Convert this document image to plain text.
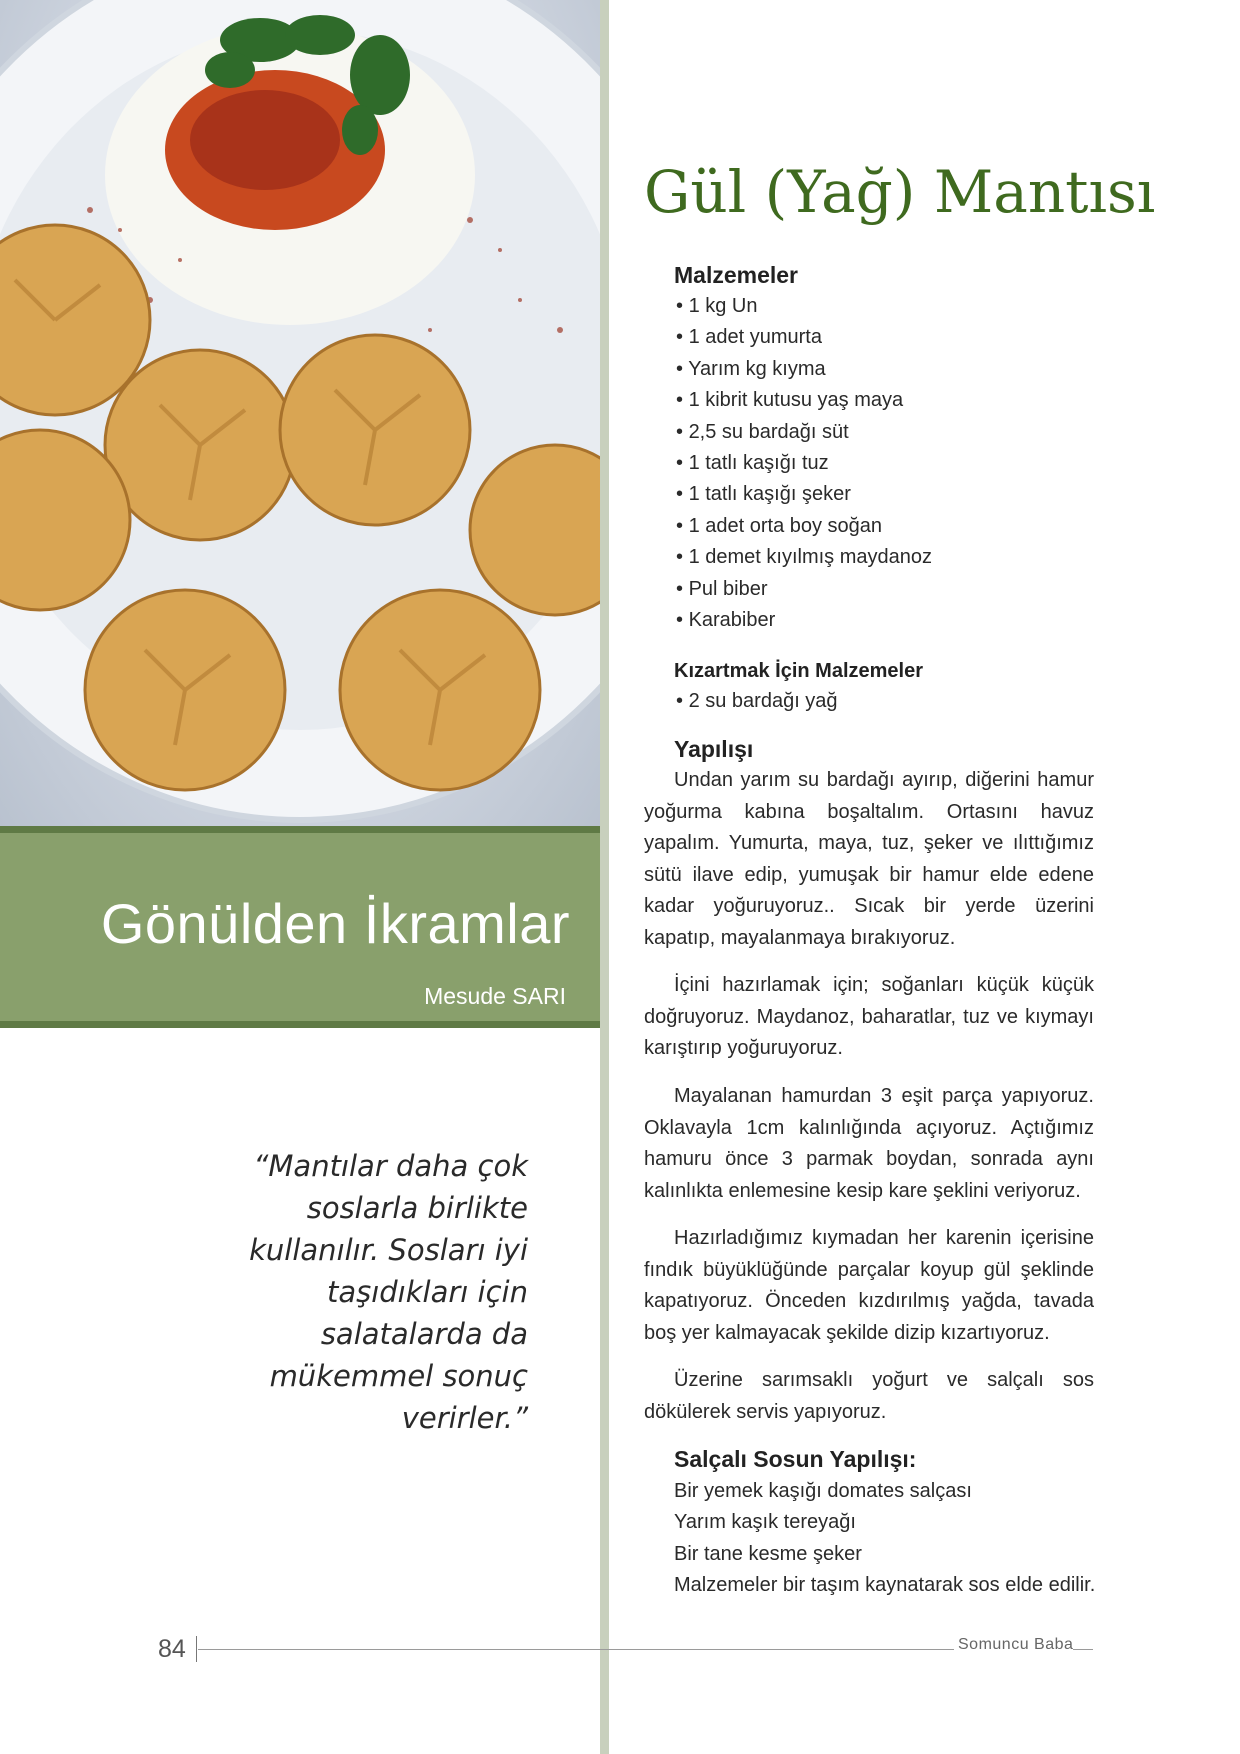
Gönülden İkramlar
Mesude SARI
“Mantılar daha çok soslarla birlikte kullanılır. Sosları iyi taşıdıkları için salatalarda da mükemmel sonuç verirler.”
Gül (Yağ) Mantısı
Malzemeler
• 1 kg Un
• 1 adet yumurta
• Yarım kg kıyma
• 1 kibrit kutusu yaş maya
• 2,5 su bardağı süt
• 1 tatlı kaşığı tuz
• 1 tatlı kaşığı şeker
• 1 adet orta boy soğan
• 1 demet kıyılmış maydanoz
• Pul biber
• Karabiber
Kızartmak İçin Malzemeler
• 2 su bardağı yağ
Yapılışı

Undan yarım su bardağı ayırıp, diğerini hamur yoğurma kabına boşaltalım. Ortasını havuz yapalım. Yumurta, maya, tuz, şeker ve ılıttığımız sütü ilave edip, yumuşak bir hamur elde edene kadar yoğuruyoruz.. Sıcak bir yerde üzerini kapatıp, mayalanmaya bırakıyoruz.

İçini hazırlamak için; soğanları küçük küçük doğruyoruz. Maydanoz, baharatlar, tuz ve kıymayı karıştırıp yoğuruyoruz.

Mayalanan hamurdan 3 eşit parça yapıyoruz. Oklavayla 1cm kalınlığında açıyoruz. Açtığımız hamuru önce 3 parmak boydan, sonrada aynı kalınlıkta enlemesine kesip kare şeklini veriyoruz.

Hazırladığımız kıymadan her karenin içerisine fındık büyüklüğünde parçalar koyup gül şeklinde kapatıyoruz. Önceden kızdırılmış yağda, tavada boş yer kalmayacak şekilde dizip kızartıyoruz.

Üzerine sarımsaklı yoğurt ve salçalı sos dökülerek servis yapıyoruz.

Salçalı Sosun Yapılışı:
Bir yemek kaşığı domates salçası
Yarım kaşık tereyağı
Bir tane kesme şeker
Malzemeler bir taşım kaynatarak sos elde edilir.
84	Somuncu Baba
